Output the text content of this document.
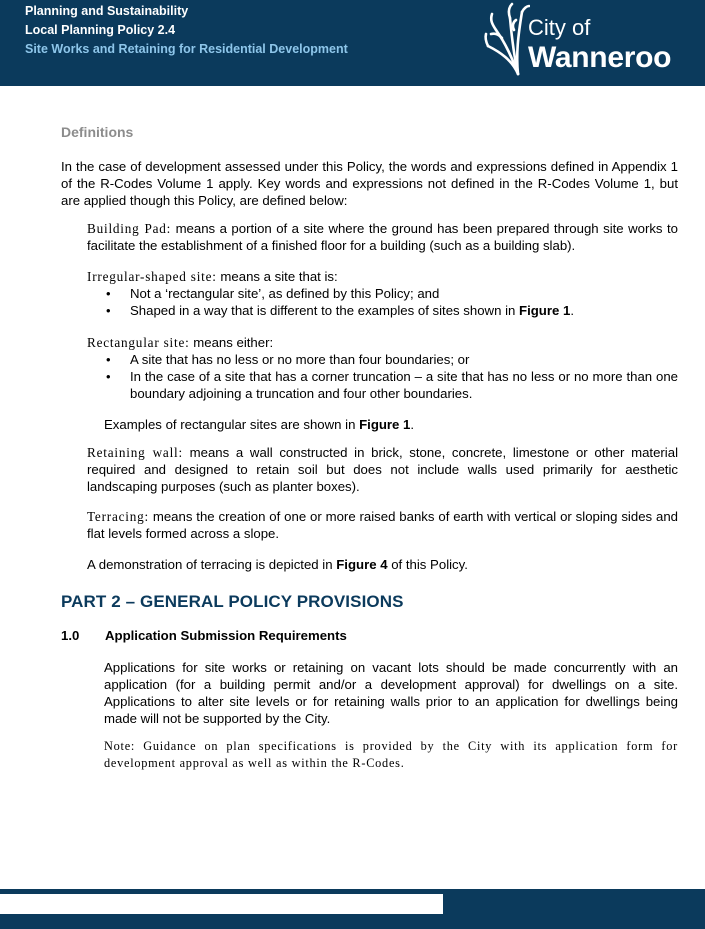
Planning and Sustainability
Local Planning Policy 2.4
Site Works and Retaining for Residential Development
City of
Wanneroo
Definitions
In the case of development assessed under this Policy, the words and expressions defined in Appendix 1 of the R-Codes Volume 1 apply. Key words and expressions not defined in the R-Codes Volume 1, but are applied though this Policy, are defined below:
Building Pad: means a portion of a site where the ground has been prepared through site works to facilitate the establishment of a finished floor for a building (such as a building slab).
Irregular-shaped site: means a site that is:
• Not a ‘rectangular site’, as defined by this Policy; and
• Shaped in a way that is different to the examples of sites shown in Figure 1.
Rectangular site: means either:
• A site that has no less or no more than four boundaries; or
• In the case of a site that has a corner truncation – a site that has no less or no more than one boundary adjoining a truncation and four other boundaries.
Examples of rectangular sites are shown in Figure 1.
Retaining wall: means a wall constructed in brick, stone, concrete, limestone or other material required and designed to retain soil but does not include walls used primarily for aesthetic landscaping purposes (such as planter boxes).
Terracing: means the creation of one or more raised banks of earth with vertical or sloping sides and flat levels formed across a slope.
A demonstration of terracing is depicted in Figure 4 of this Policy.
PART 2 – GENERAL POLICY PROVISIONS
1.0 Application Submission Requirements
Applications for site works or retaining on vacant lots should be made concurrently with an application (for a building permit and/or a development approval) for dwellings on a site. Applications to alter site levels or for retaining walls prior to an application for dwellings being made will not be supported by the City.
Note: Guidance on plan specifications is provided by the City with its application form for development approval as well as within the R-Codes.
